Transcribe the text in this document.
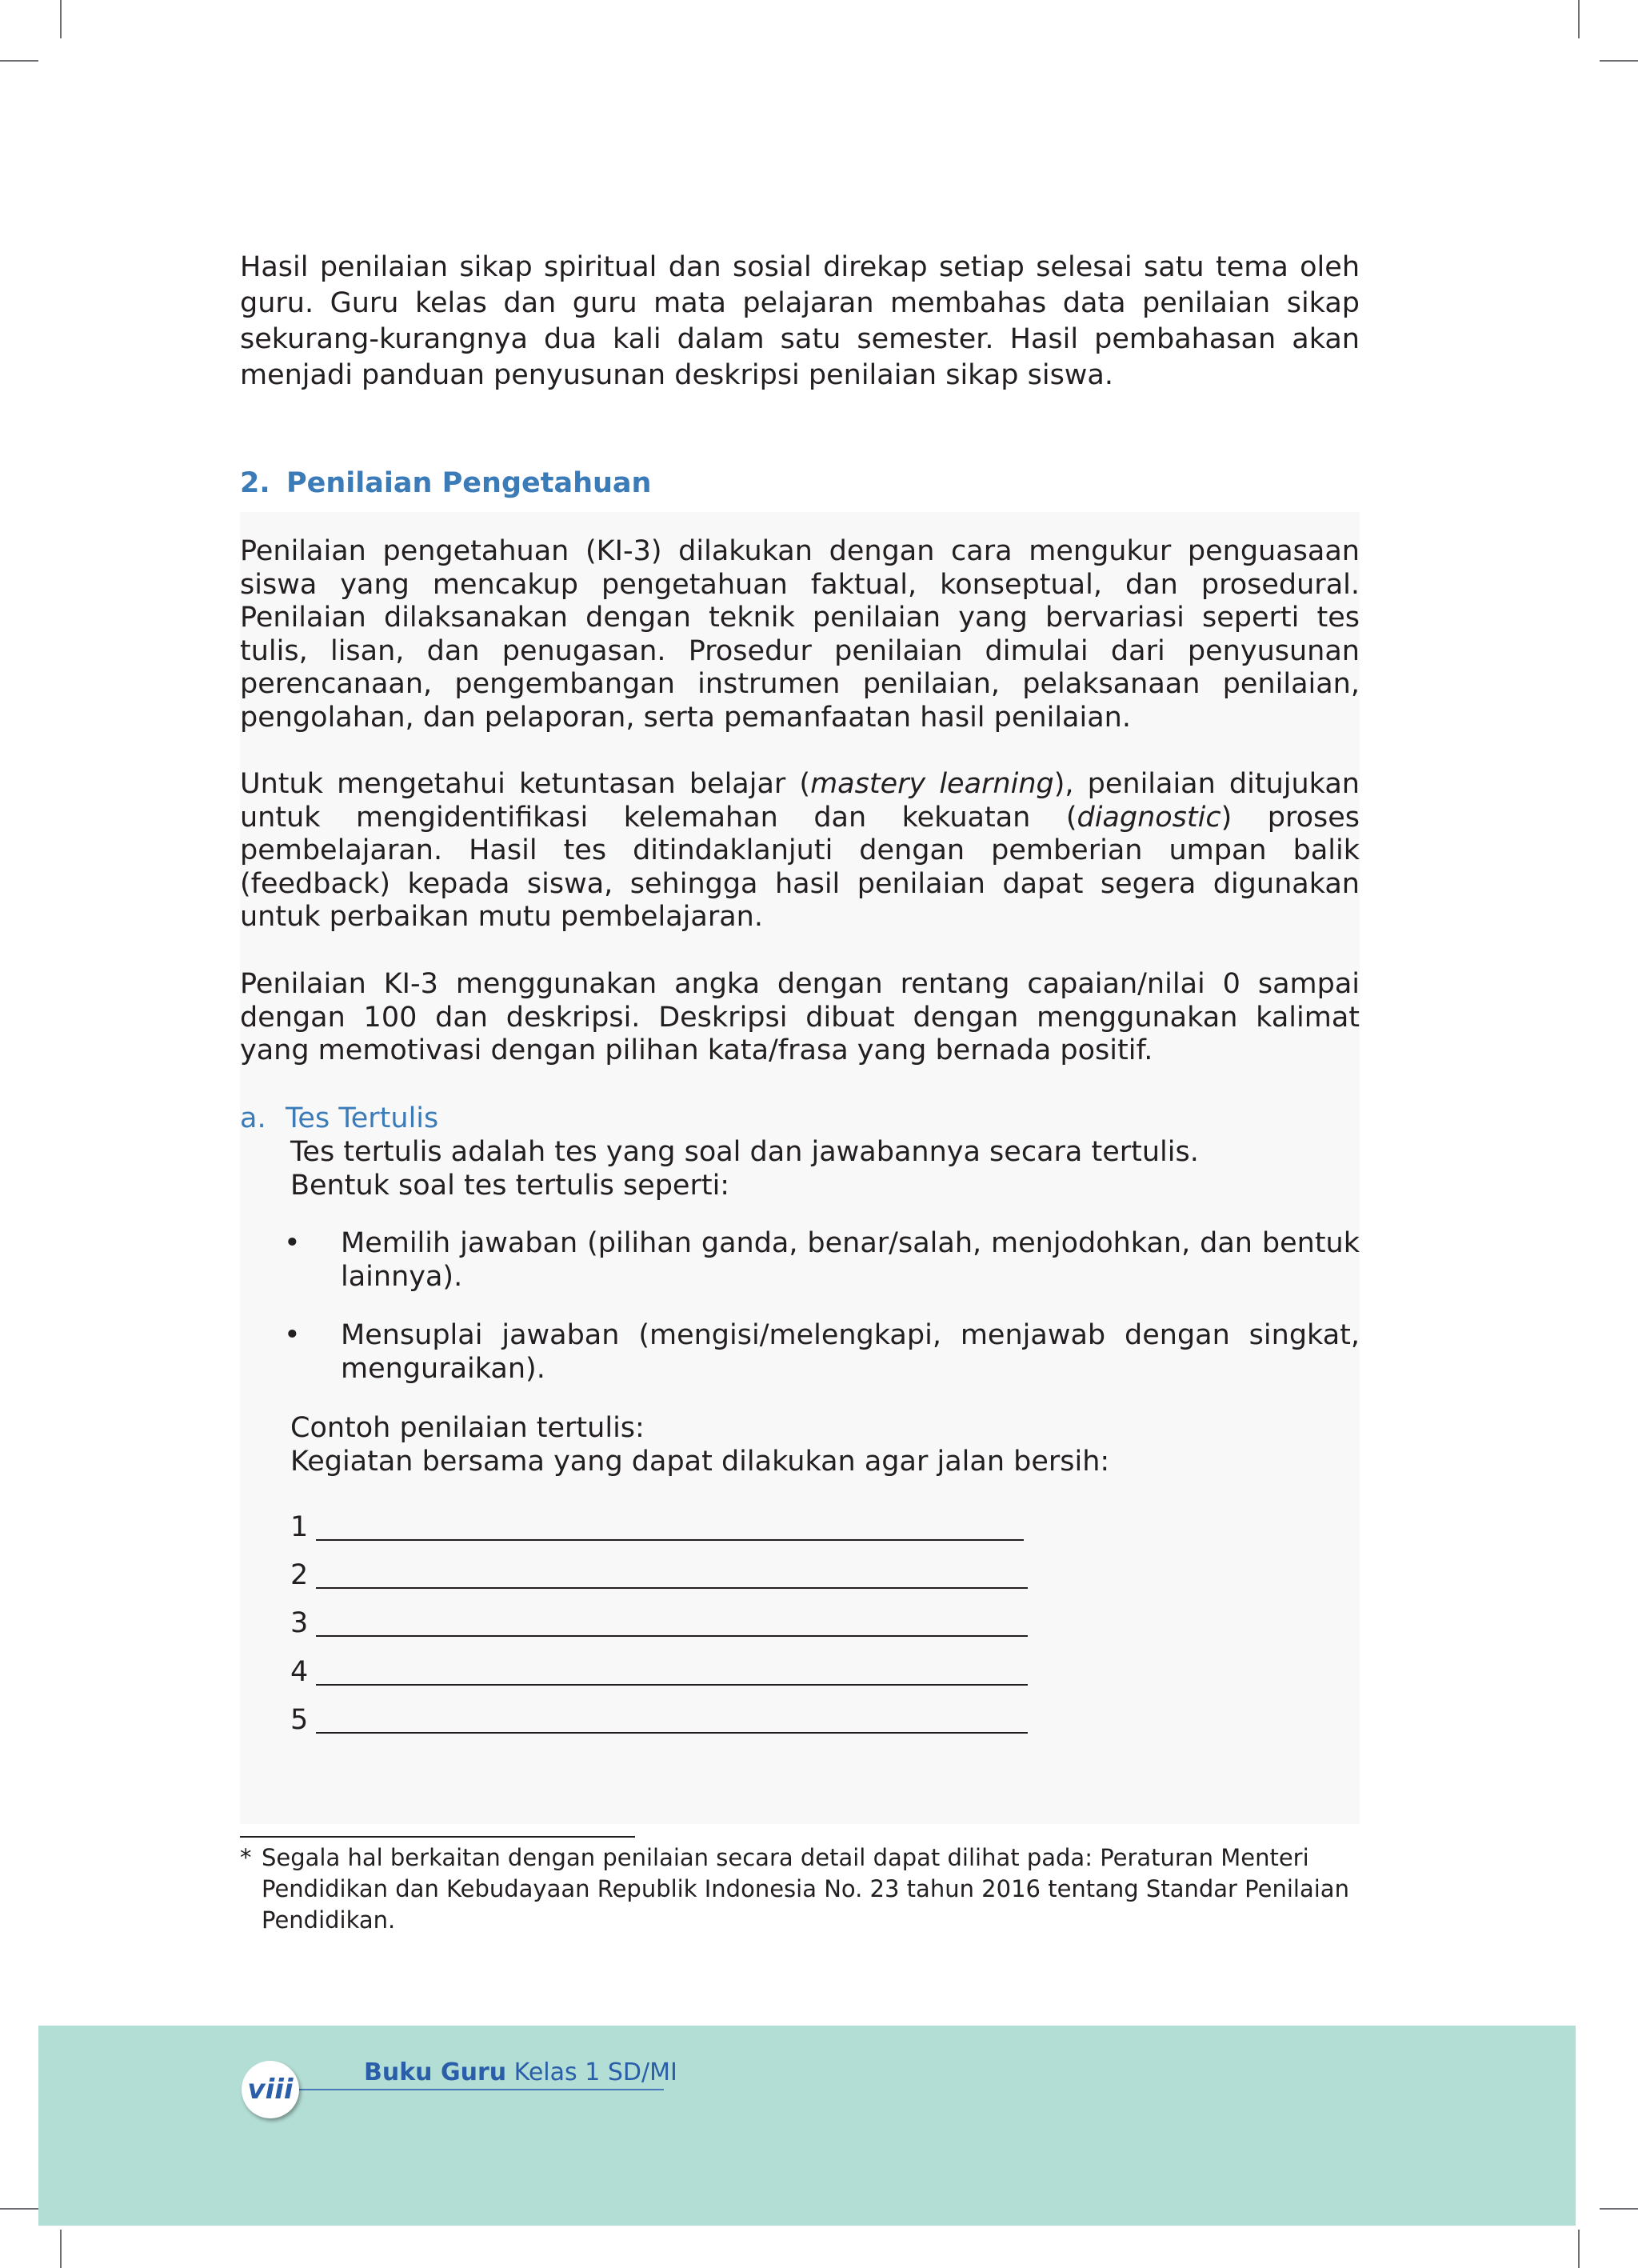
Hasil penilaian sikap spiritual dan sosial direkap setiap selesai satu tema oleh guru. Guru kelas dan guru mata pelajaran membahas data penilaian sikap sekurang-kurangnya dua kali dalam satu semester. Hasil pembahasan akan menjadi panduan penyusunan deskripsi penilaian sikap siswa.

2. Penilaian Pengetahuan

Penilaian pengetahuan (KI-3) dilakukan dengan cara mengukur penguasaan siswa yang mencakup pengetahuan faktual, konseptual, dan prosedural. Penilaian dilaksanakan dengan teknik penilaian yang bervariasi seperti tes tulis, lisan, dan penugasan. Prosedur penilaian dimulai dari penyusunan perencanaan, pengembangan instrumen penilaian, pelaksanaan penilaian, pengolahan, dan pelaporan, serta pemanfaatan hasil penilaian.

Untuk mengetahui ketuntasan belajar (mastery learning), penilaian ditujukan untuk mengidentifikasi kelemahan dan kekuatan (diagnostic) proses pembelajaran. Hasil tes ditindaklanjuti dengan pemberian umpan balik (feedback) kepada siswa, sehingga hasil penilaian dapat segera digunakan untuk perbaikan mutu pembelajaran.

Penilaian KI-3 menggunakan angka dengan rentang capaian/nilai 0 sampai dengan 100 dan deskripsi. Deskripsi dibuat dengan menggunakan kalimat yang memotivasi dengan pilihan kata/frasa yang bernada positif.

a. Tes Tertulis
Tes tertulis adalah tes yang soal dan jawabannya secara tertulis.
Bentuk soal tes tertulis seperti:
• Memilih jawaban (pilihan ganda, benar/salah, menjodohkan, dan bentuk lainnya).
• Mensuplai jawaban (mengisi/melengkapi, menjawab dengan singkat, menguraikan).
Contoh penilaian tertulis:
Kegiatan bersama yang dapat dilakukan agar jalan bersih:
1
2
3
4
5
* Segala hal berkaitan dengan penilaian secara detail dapat dilihat pada: Peraturan Menteri Pendidikan dan Kebudayaan Republik Indonesia No. 23 tahun 2016 tentang Standar Penilaian Pendidikan.
viii
Buku Guru Kelas 1 SD/MI
